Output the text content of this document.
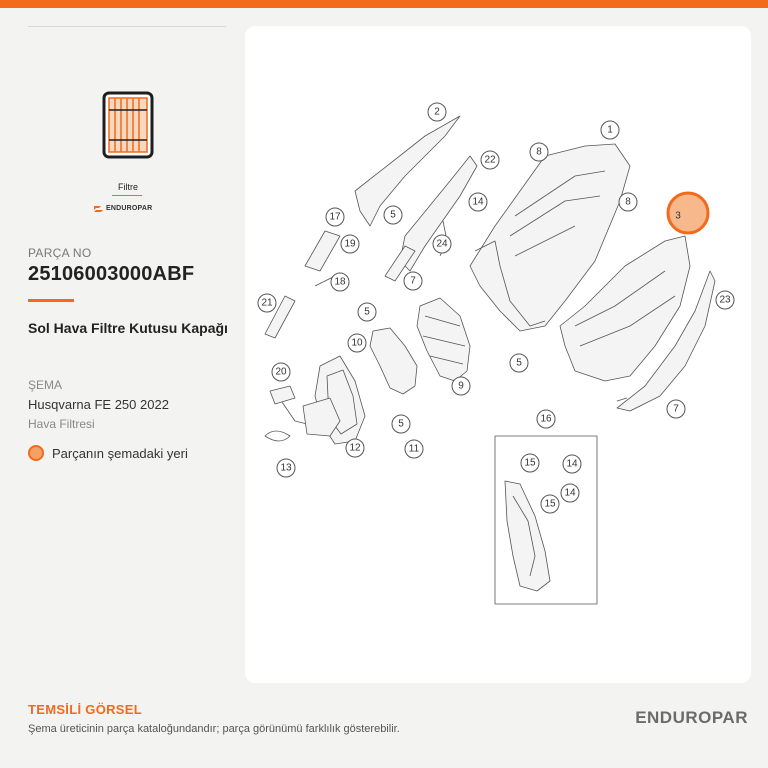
Filtre
ENDUROPAR
PARÇA NO
25106003000ABF
Sol Hava Filtre Kutusu Kapağı
ŞEMA
Husqvarna FE 250 2022
Hava Filtresi
Parçanın şemadaki yeri
1
2
5
5
5
5
7
7
8
8
9
10
11
12
13	14
14
14
15
15
16
17
18
19
20
21
22
23
24
3
TEMSİLİ GÖRSEL
Şema üreticinin parça kataloğundandır; parça görünümü farklılık gösterebilir.
ENDUROPAR
